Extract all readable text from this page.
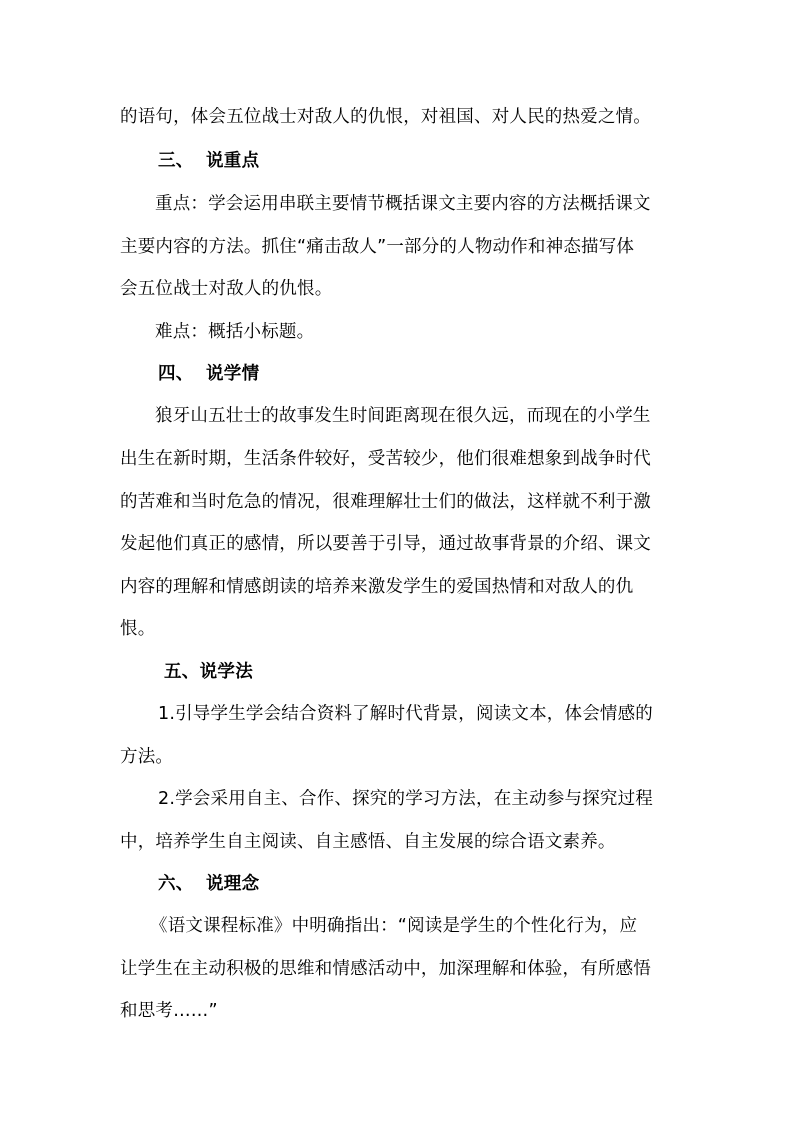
的语句，体会五位战士对敌人的仇恨，对祖国、对人民的热爱之情。
三、 说重点
重点：学会运用串联主要情节概括课文主要内容的方法概括课文
主要内容的方法。抓住“痛击敌人”一部分的人物动作和神态描写体
会五位战士对敌人的仇恨。
难点：概括小标题。
四、 说学情
狼牙山五壮士的故事发生时间距离现在很久远，而现在的小学生
出生在新时期，生活条件较好，受苦较少，他们很难想象到战争时代
的苦难和当时危急的情况，很难理解壮士们的做法，这样就不利于激
发起他们真正的感情，所以要善于引导，通过故事背景的介绍、课文
内容的理解和情感朗读的培养来激发学生的爱国热情和对敌人的仇
恨。
五、说学法
1.引导学生学会结合资料了解时代背景，阅读文本，体会情感的
方法。
2.学会采用自主、合作、探究的学习方法，在主动参与探究过程
中，培养学生自主阅读、自主感悟、自主发展的综合语文素养。
六、 说理念
《语文课程标准》中明确指出：“阅读是学生的个性化行为，应
让学生在主动积极的思维和情感活动中，加深理解和体验，有所感悟
和思考……”
